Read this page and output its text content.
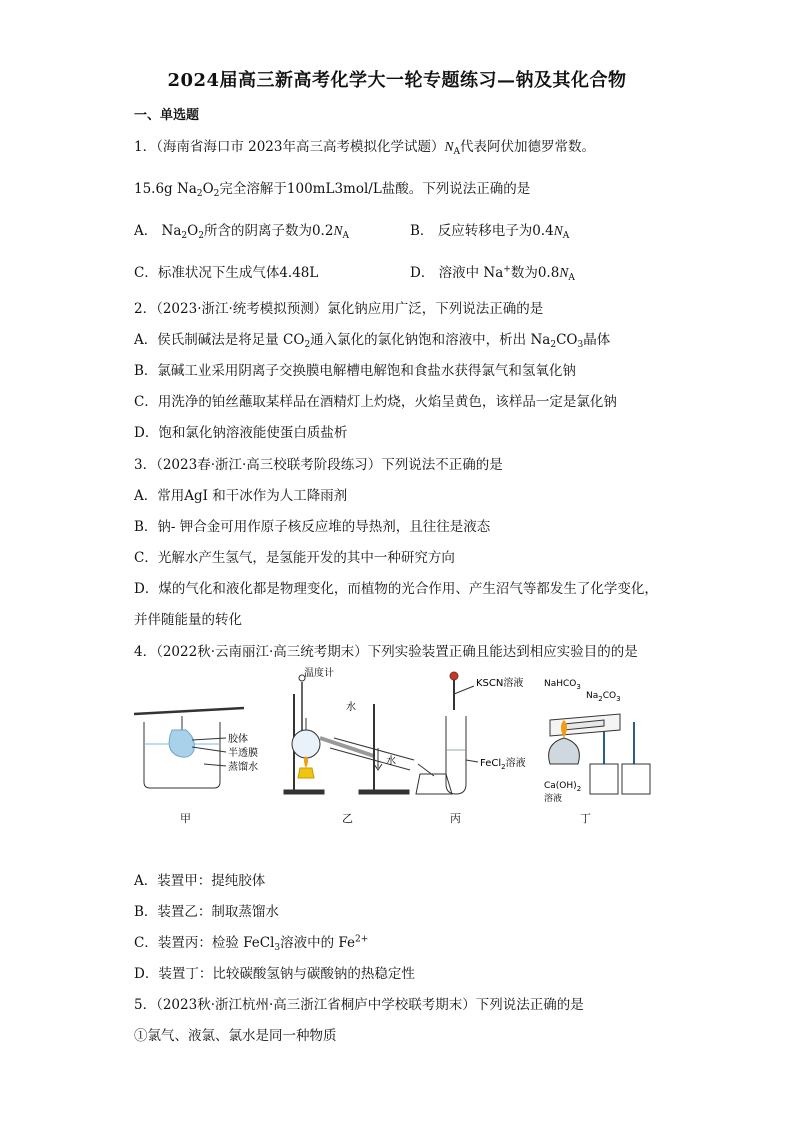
2024届高三新高考化学大一轮专题练习—钠及其化合物
一、单选题
1．（海南省海口市 2023年高三高考模拟化学试题）$N_A$代表阿伏加德罗常数。
15.6g $Na_2O_2$完全溶解于100mL3mol/L盐酸。下列说法正确的是
A． $Na_2O_2$所含的阴离子数为$0.2N_A$	B． 反应转移电子为$0.4N_A$
C．标准状况下生成气体4.48L	D． 溶液中 Na+数为$0.8N_A$
2．（2023·浙江·统考模拟预测）氯化钠应用广泛，下列说法正确的是
A．侯氏制碱法是将足量 $CO_2$通入氯化的氯化钠饱和溶液中，析出 $Na_2CO_3$晶体
B．氯碱工业采用阴离子交换膜电解槽电解饱和食盐水获得氯气和氢氧化钠
C．用洗净的铂丝蘸取某样品在酒精灯上灼烧，火焰呈黄色，该样品一定是氯化钠
D．饱和氯化钠溶液能使蛋白质盐析
3．（2023春·浙江·高三校联考阶段练习）下列说法不正确的是
A．常用AgI 和干冰作为人工降雨剂
B．钠- 钾合金可用作原子核反应堆的导热剂，且往往是液态
C．光解水产生氢气，是氢能开发的其中一种研究方向
D．煤的气化和液化都是物理变化，而植物的光合作用、产生沼气等都发生了化学变化，
并伴随能量的转化
4．（2022秋·云南丽江·高三统考期末）下列实验装置正确且能达到相应实验目的的是
胶体
半透膜
蒸馏水
温度计
水
水
KSCN溶液
FeCl$_2$溶液
NaHCO$_3$
$Na_2CO_3$
$Ca(OH)_2$
溶液
甲	乙	丙	丁
A．装置甲：提纯胶体
B．装置乙：制取蒸馏水
C．装置丙：检验 FeCl$_3$溶液中的 $Fe^{2+}$
D．装置丁：比较碳酸氢钠与碳酸钠的热稳定性
5．（2023秋·浙江杭州·高三浙江省桐庐中学校联考期末）下列说法正确的是
①氯气、液氯、氯水是同一种物质
